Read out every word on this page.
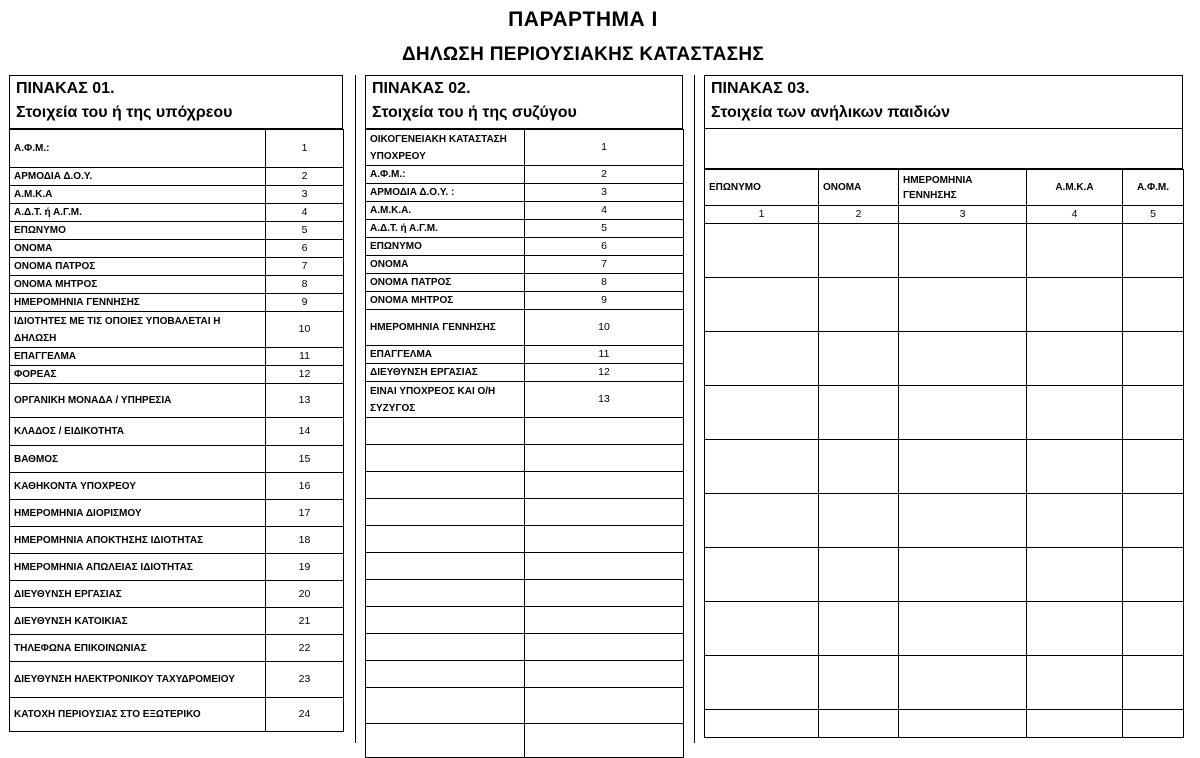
ΠΑΡΑΡΤΗΜΑ Ι
ΔΗΛΩΣΗ ΠΕΡΙΟΥΣΙΑΚΗΣ ΚΑΤΑΣΤΑΣΗΣ
ΠΙΝΑΚΑΣ 01.
Στοιχεία του ή της υπόχρεου
Α.Φ.Μ.:	1
ΑΡΜΟΔΙΑ Δ.Ο.Υ.	2
Α.Μ.Κ.Α	3
Α.Δ.Τ. ή Α.Γ.Μ.	4
ΕΠΩΝΥΜΟ	5
ΟΝΟΜΑ	6
ΟΝΟΜΑ ΠΑΤΡΟΣ	7
ΟΝΟΜΑ ΜΗΤΡΟΣ	8
ΗΜΕΡΟΜΗΝΙΑ ΓΕΝΝΗΣΗΣ	9
ΙΔΙΟΤΗΤΕΣ ΜΕ ΤΙΣ ΟΠΟΙΕΣ ΥΠΟΒΑΛΕΤΑΙ Η ΔΗΛΩΣΗ	10
ΕΠΑΓΓΕΛΜΑ	11
ΦΟΡΕΑΣ	12
ΟΡΓΑΝΙΚΗ ΜΟΝΑΔΑ / ΥΠΗΡΕΣΙΑ	13
ΚΛΑΔΟΣ / ΕΙΔΙΚΟΤΗΤΑ	14
ΒΑΘΜΟΣ	15
ΚΑΘΗΚΟΝΤΑ ΥΠΟΧΡΕΟΥ	16
ΗΜΕΡΟΜΗΝΙΑ ΔΙΟΡΙΣΜΟΥ	17
ΗΜΕΡΟΜΗΝΙΑ ΑΠΟΚΤΗΣΗΣ ΙΔΙΟΤΗΤΑΣ	18
ΗΜΕΡΟΜΗΝΙΑ ΑΠΩΛΕΙΑΣ ΙΔΙΟΤΗΤΑΣ	19
ΔΙΕΥΘΥΝΣΗ ΕΡΓΑΣΙΑΣ	20
ΔΙΕΥΘΥΝΣΗ ΚΑΤΟΙΚΙΑΣ	21
ΤΗΛΕΦΩΝΑ ΕΠΙΚΟΙΝΩΝΙΑΣ	22
ΔΙΕΥΘΥΝΣΗ ΗΛΕΚΤΡΟΝΙΚΟΥ ΤΑΧΥΔΡΟΜΕΙΟΥ	23
ΚΑΤΟΧΗ ΠΕΡΙΟΥΣΙΑΣ ΣΤΟ ΕΞΩΤΕΡΙΚΟ	24
ΠΙΝΑΚΑΣ 02.
Στοιχεία του ή της συζύγου
ΟΙΚΟΓΕΝΕΙΑΚΗ ΚΑΤΑΣΤΑΣΗ ΥΠΟΧΡΕΟΥ	1
Α.Φ.Μ.:	2
ΑΡΜΟΔΙΑ Δ.Ο.Υ. :	3
Α.Μ.Κ.Α.	4
Α.Δ.Τ. ή Α.Γ.Μ.	5
ΕΠΩΝΥΜΟ	6
ΟΝΟΜΑ	7
ΟΝΟΜΑ ΠΑΤΡΟΣ	8
ΟΝΟΜΑ ΜΗΤΡΟΣ	9
ΗΜΕΡΟΜΗΝΙΑ ΓΕΝΝΗΣΗΣ	10
ΕΠΑΓΓΕΛΜΑ	11
ΔΙΕΥΘΥΝΣΗ ΕΡΓΑΣΙΑΣ	12
ΕΙΝΑΙ ΥΠΟΧΡΕΟΣ ΚΑΙ Ο/Η ΣΥΖΥΓΟΣ	13

ΠΙΝΑΚΑΣ 03.
Στοιχεία των ανήλικων παιδιών
ΕΠΩΝΥΜΟ	ΟΝΟΜΑ	ΗΜΕΡΟΜΗΝΙΑ ΓΕΝΝΗΣΗΣ	Α.Μ.Κ.Α	Α.Φ.Μ.
1	2	3	4	5
